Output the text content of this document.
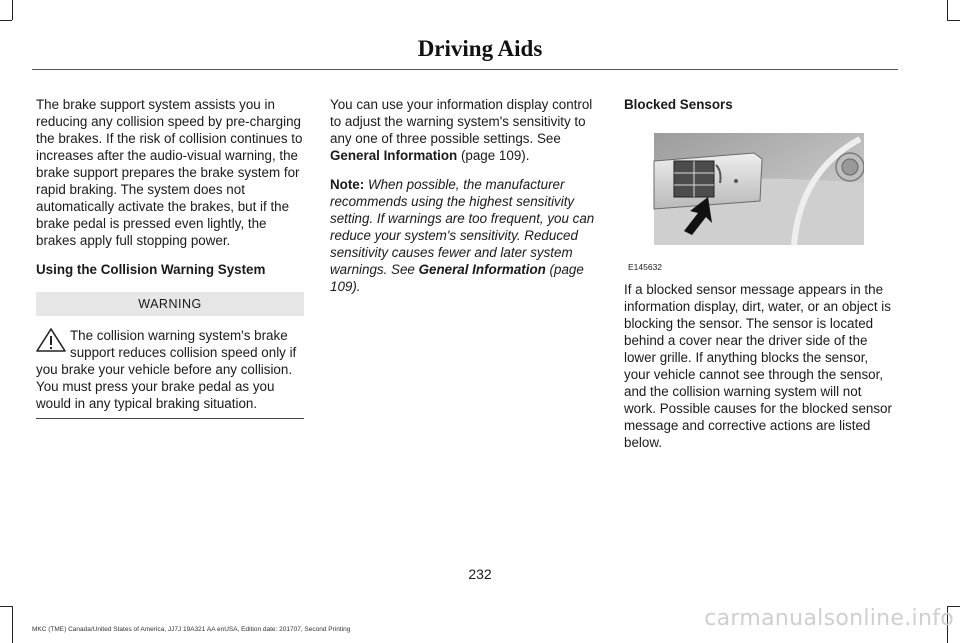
Driving Aids

The brake support system assists you in reducing any collision speed by pre-charging the brakes. If the risk of collision continues to increases after the audio-visual warning, the brake support prepares the brake system for rapid braking. The system does not automatically activate the brakes, but if the brake pedal is pressed even lightly, the brakes apply full stopping power.

Using the Collision Warning System

WARNING
The collision warning system's brake support reduces collision speed only if you brake your vehicle before any collision. You must press your brake pedal as you would in any typical braking situation.

You can use your information display control to adjust the warning system's sensitivity to any one of three possible settings. See General Information (page 109).

Note: When possible, the manufacturer recommends using the highest sensitivity setting. If warnings are too frequent, you can reduce your system's sensitivity. Reduced sensitivity causes fewer and later system warnings. See General Information (page 109).

Blocked Sensors

E145632

If a blocked sensor message appears in the information display, dirt, water, or an object is blocking the sensor. The sensor is located behind a cover near the driver side of the lower grille. If anything blocks the sensor, your vehicle cannot see through the sensor, and the collision warning system will not work. Possible causes for the blocked sensor message and corrective actions are listed below.

232
MKC (TME) Canada/United States of America, JJ7J 19A321 AA enUSA, Edition date: 201707, Second Printing	carmanualsonline.info
